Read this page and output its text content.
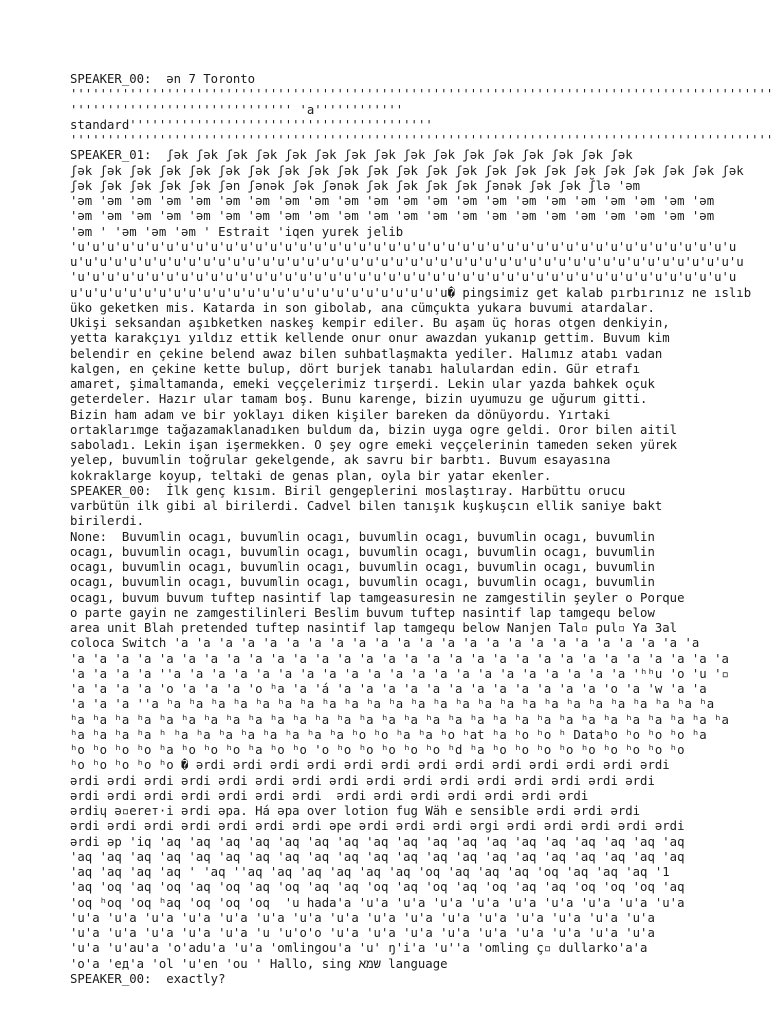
SPEAKER_00:  ən 7 Toronto
'''''''''''''''''''''''''''''''''''''''''''''''''''''''''''''''''''''''''''''''''''''''''''''''
'''''''''''''''''''''''''''''' 'a''''''''''''
standard'''''''''''''''''''''''''''''''''''''''''
'''''''''''''''''''''''''''''''''''''''''''''''''''''''''''''''''''''''''''''''''''''''''''''''
SPEAKER_01:  ʃək ʃək ʃək ʃək ʃək ʃək ʃək ʃək ʃək ʃək ʃək ʃək ʃək ʃək ʃək ʃək
ʃək ʃək ʃək ʃək ʃək ʃək ʃək ʃək ʃək ʃək ʃək ʃək ʃək ʃək ʃək ʃək ʃək ʃək ʃək ʃək ʃək ʃək ʃək
ʃək ʃək ʃək ʃək ʃək ʃən ʃənək ʃək ʃənək ʃək ʃək ʃək ʃək ʃənək ʃək ʃək ʃ̆lə 'əm
'əm 'əm 'əm 'əm 'əm 'əm 'əm 'əm 'əm 'əm 'əm 'əm 'əm 'əm 'əm 'əm 'əm 'əm 'əm 'əm 'əm 'əm
'əm 'əm 'əm 'əm 'əm 'əm 'əm 'əm 'əm 'əm 'əm 'əm 'əm 'əm 'əm 'əm 'əm 'əm 'əm 'əm 'əm 'əm
'əm ' 'əm 'əm 'əm ' Estrait 'iqen yurek jelib
'u'u'u'u'u'u'u'u'u'u'u'u'u'u'u'u'u'u'u'u'u'u'u'u'u'u'u'u'u'u'u'u'u'u'u'u'u'u'u'u'u'u'u'u'u
u'u'u'u'u'u'u'u'u'u'u'u'u'u'u'u'u'u'u'u'u'u'u'u'u'u'u'u'u'u'u'u'u'u'u'u'u'u'u'u'u'u'u'u'u'u
'u'u'u'u'u'u'u'u'u'u'u'u'u'u'u'u'u'u'u'u'u'u'u'u'u'u'u'u'u'u'u'u'u'u'u'u'u'u'u'u'u'u'u'u'u
u'u'u'u'u'u'u'u'u'u'u'u'u'u'u'u'u'u'u'u'u'u'u'u'u'u� pingsimiz get kalab pırbırınız ne ıslıb
üko geketken mis. Katarda in son gibolab, ana cümçukta yukara buvumi atardalar.
Ukişi seksandan aşıbketken naskeş kempir ediler. Bu aşam üç horas otgen denkiyin,
yetta karakçıyı yıldız ettik kellende onur onur awazdan yukanıp gettim. Buvum kim
belendir en çekine belend awaz bilen suhbatlaşmakta yediler. Halımız atabı vadan
kalgen, en çekine kette bulup, dört burjek tanabı halulardan edin. Gür etrafı
amaret, şimaltamanda, emeki veççelerimiz tırşerdi. Lekin ular yazda bahkek oçuk
geterdeler. Hazır ular tamam boş. Bunu karenge, bizin uyumuzu ge uğurum gitti.
Bizin ham adam ve bir yoklayı diken kişiler bareken da dönüyordu. Yırtaki
ortaklarımge tağazamaklanadıken buldum da, bizin uyga ogre geldi. Oror bilen aitil
saboladı. Lekin işan işermekken. O şey ogre emeki veççelerinin tameden seken yürek
yelep, buvumlin toğrular gekelgende, ak savru bir barbtı. Buvum esayasına
kokraklarge koyup, teltaki de genas plan, oyla bir yatar ekenler.
SPEAKER_00:  İlk genç kısım. Biril gengeplerini moslaştıray. Harbüttu orucu
varbütün ilk gibi al birilerdi. Cadvel bilen tanışık kuşkuşcın ellik saniye bakt
birilerdi.
None:  Buvumlin ocagı, buvumlin ocagı, buvumlin ocagı, buvumlin ocagı, buvumlin
ocagı, buvumlin ocagı, buvumlin ocagı, buvumlin ocagı, buvumlin ocagı, buvumlin
ocagı, buvumlin ocagı, buvumlin ocagı, buvumlin ocagı, buvumlin ocagı, buvumlin
ocagı, buvumlin ocagı, buvumlin ocagı, buvumlin ocagı, buvumlin ocagı, buvumlin
ocagı, buvum buvum tuftep nasintif lap tamgeasuresin ne zamgestilin şeyler o Porque
o parte gayin ne zamgestilinleri Beslim buvum tuftep nasintif lap tamgequ below
area unit Blah pretended tuftep nasintif lap tamgequ below Nanjen Tal▫ pul▫ Ya 3al
coloca Switch 'a 'a 'a 'a 'a 'a 'a 'a 'a 'a 'a 'a 'a 'a 'a 'a 'a 'a 'a 'a 'a 'a 'a 'a
'a 'a 'a 'a 'a 'a 'a 'a 'a 'a 'a 'a 'a 'a 'a 'a 'a 'a 'a 'a 'a 'a 'a 'a 'a 'a 'a 'a 'a 'a
'a 'a 'a 'a ''a 'a 'a 'a 'a 'a 'a 'a 'a 'a 'a 'a 'a 'a 'a 'a 'a 'a 'a 'a 'a 'ʰʰu 'o 'u '▫
'a 'a 'a 'a 'o 'a 'a 'a 'o ʰa 'a 'á 'a 'a 'a 'a 'a 'a 'a 'a 'a 'a 'a 'a 'o 'a 'w 'a 'a
'a 'a 'a ''a ʰa ʰa ʰa ʰa ʰa ʰa ʰa ʰa ʰa ʰa ʰa ʰa ʰa ʰa ʰa ʰa ʰa ʰa ʰa ʰa ʰa ʰa ʰa ʰa ʰa
ʰa ʰa ʰa ʰa ʰa ʰa ʰa ʰa ʰa ʰa ʰa ʰa ʰa ʰa ʰa ʰa ʰa ʰa ʰa ʰa ʰa ʰa ʰa ʰa ʰa ʰa ʰa ʰa ʰa ʰa
ʰa ʰa ʰa ʰa ʰ ʰa ʰa ʰa ʰa ʰa ʰa ʰa ʰa ʰo ʰo ʰa ʰa ʰo ʰat ʰa ʰo ʰo ʰ Dataʰo ʰo ʰo ʰo ʰa
ʰo ʰo ʰo ʰo ʰa ʰo ʰo ʰo ʰa ʰo ʰo 'o ʰo ʰo ʰo ʰo ʰo ʰd ʰa ʰo ʰo ʰo ʰo ʰo ʰo ʰo ʰo ʰo
ʰo ʰo ʰo ʰo ʰo � ərdi ərdi ərdi ərdi ərdi ərdi ərdi ərdi ərdi ərdi ərdi ərdi ərdi
ərdi ərdi ərdi ərdi ərdi ərdi ərdi ərdi ərdi ərdi ərdi ərdi ərdi ərdi ərdi ərdi
ərdi ərdi ərdi ərdi ərdi ərdi ərdi  ərdi ərdi ərdi ərdi ərdi ərdi ərdi
ərdiɥ ə▫erет·i ərdi əpa. Há əpa over lotion fug Wäh e sensible ərdi ərdi ərdi
ərdi ərdi ərdi ərdi ərdi ərdi ərdi əpe ərdi ərdi ərdi ərgi ərdi ərdi ərdi ərdi ərdi
ərdi əp 'iq 'aq 'aq 'aq 'aq 'aq 'aq 'aq 'aq 'aq 'aq 'aq 'aq 'aq 'aq 'aq 'aq 'aq 'aq
'aq 'aq 'aq 'aq 'aq 'aq 'aq 'aq 'aq 'aq 'aq 'aq 'aq 'aq 'aq 'aq 'aq 'aq 'aq 'aq 'aq
'aq 'aq 'aq 'aq ' 'aq ''aq 'aq 'aq 'aq 'aq 'aq 'oq 'aq 'aq 'aq 'oq 'aq 'aq 'aq '1
'aq 'oq 'aq 'oq 'aq 'oq 'aq 'oq 'aq 'aq 'oq 'aq 'oq 'aq 'oq 'aq 'aq 'oq 'oq 'oq 'aq
'oq ʰoq 'oq ʰaq 'oq 'oq 'oq  'u hada'a 'u'a 'u'a 'u'a 'u'a 'u'a 'u'a 'u'a 'u'a 'u'a
'u'a 'u'a 'u'a 'u'a 'u'a 'u'a 'u'a 'u'a 'u'a 'u'a 'u'a 'u'a 'u'a 'u'a 'u'a 'u'a
'u'a 'u'a 'u'a 'u'a 'u'a 'u 'u'o'o 'u'a 'u'a 'u'a 'u'a 'u'a 'u'a 'u'a 'u'a 'u'a
'u'a 'u'au'a 'o'adu'a 'u'a 'omlingou'a 'u' ŋ'i'a 'u''a 'omling ç▫ dullarko'a'a
'o'a 'eд'a 'ol 'u'en 'ou ' Hallo, sing שמא language
SPEAKER_00:  exactly?
